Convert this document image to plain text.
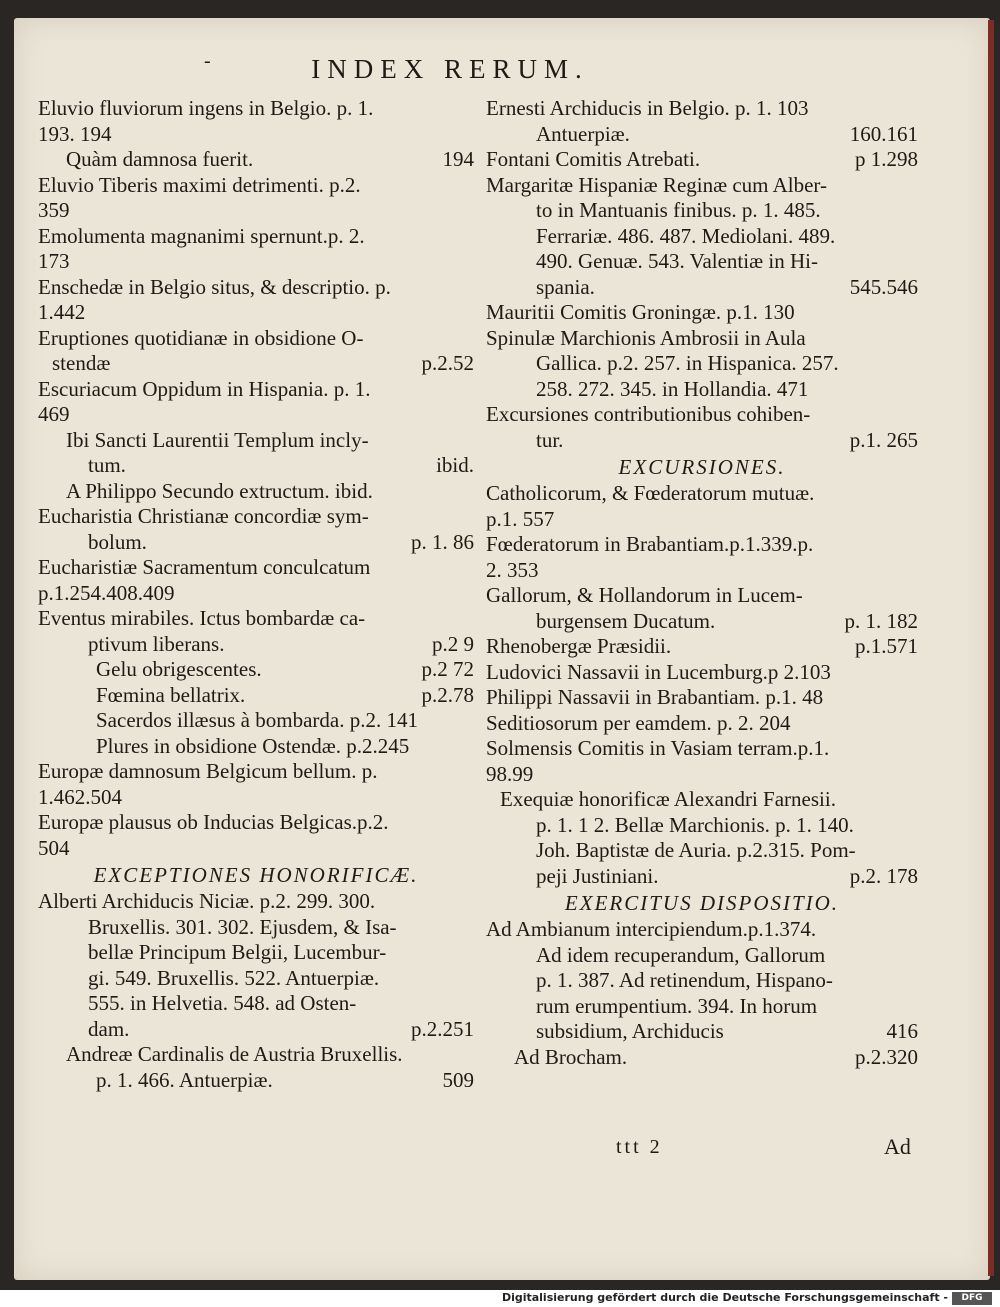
-	INDEX RERUM.
Eluvio fluviorum ingens in Belgio. p. 1.
193. 194
Quàm damnosa fuerit.	194
Eluvio Tiberis maximi detrimenti. p.2.
359
Emolumenta magnanimi spernunt.p. 2.
173
Enschedæ in Belgio situs, & descriptio. p.
1.442
Eruptiones quotidianæ in obsidione O-
stendæ	p.2.52
Escuriacum Oppidum in Hispania. p. 1.
469
Ibi Sancti Laurentii Templum incly-
tum.	ibid.
A Philippo Secundo extructum. ibid.
Eucharistia Christianæ concordiæ sym-
bolum.	p. 1. 86
Eucharistiæ Sacramentum conculcatum
p.1.254.408.409
Eventus mirabiles. Ictus bombardæ ca-
ptivum liberans.	p.2 9
Gelu obrigescentes.	p.2 72
Fœmina bellatrix.	p.2.78
Sacerdos illæsus à bombarda. p.2. 141
Plures in obsidione Ostendæ. p.2.245
Europæ damnosum Belgicum bellum. p.
1.462.504
Europæ plausus ob Inducias Belgicas.p.2.
504
EXCEPTIONES HONORIFICÆ.
Alberti Archiducis Niciæ. p.2. 299. 300.
Bruxellis. 301. 302. Ejusdem, & Isa-
bellæ Principum Belgii, Lucembur-
gi. 549. Bruxellis. 522. Antuerpiæ.
555. in Helvetia. 548. ad Osten-
dam.	p.2.251
Andreæ Cardinalis de Austria Bruxellis.
p. 1. 466. Antuerpiæ.	509
Ernesti Archiducis in Belgio. p. 1. 103
Antuerpiæ.	160.161
Fontani Comitis Atrebati.	p 1.298
Margaritæ Hispaniæ Reginæ cum Alber-
to in Mantuanis finibus. p. 1. 485.
Ferrariæ. 486. 487. Mediolani. 489.
490. Genuæ. 543. Valentiæ in Hi-
spania.	545.546
Mauritii Comitis Groningæ. p.1. 130
Spinulæ Marchionis Ambrosii in Aula
Gallica. p.2. 257. in Hispanica. 257.
258. 272. 345. in Hollandia. 471
Excursiones contributionibus cohiben-
tur.	p.1. 265
EXCURSIONES.
Catholicorum, & Fœderatorum mutuæ.
p.1. 557
Fœderatorum in Brabantiam.p.1.339.p.
2. 353
Gallorum, & Hollandorum in Lucem-
burgensem Ducatum.	p. 1. 182
Rhenobergæ Præsidii.	p.1.571
Ludovici Nassavii in Lucemburg.p 2.103
Philippi Nassavii in Brabantiam. p.1. 48
Seditiosorum per eamdem. p. 2. 204
Solmensis Comitis in Vasiam terram.p.1.
98.99
Exequiæ honorificæ Alexandri Farnesii.
p. 1. 1 2. Bellæ Marchionis. p. 1. 140.
Joh. Baptistæ de Auria. p.2.315. Pom-
peji Justiniani.	p.2. 178
EXERCITUS DISPOSITIO.
Ad Ambianum intercipiendum.p.1.374.
Ad idem recuperandum, Gallorum
p. 1. 387. Ad retinendum, Hispano-
rum erumpentium. 394. In horum
subsidium, Archiducis	416
Ad Brocham.	p.2.320
ttt 2	Ad
Digitalisierung gefördert durch die Deutsche Forschungsgemeinschaft -	DFG
